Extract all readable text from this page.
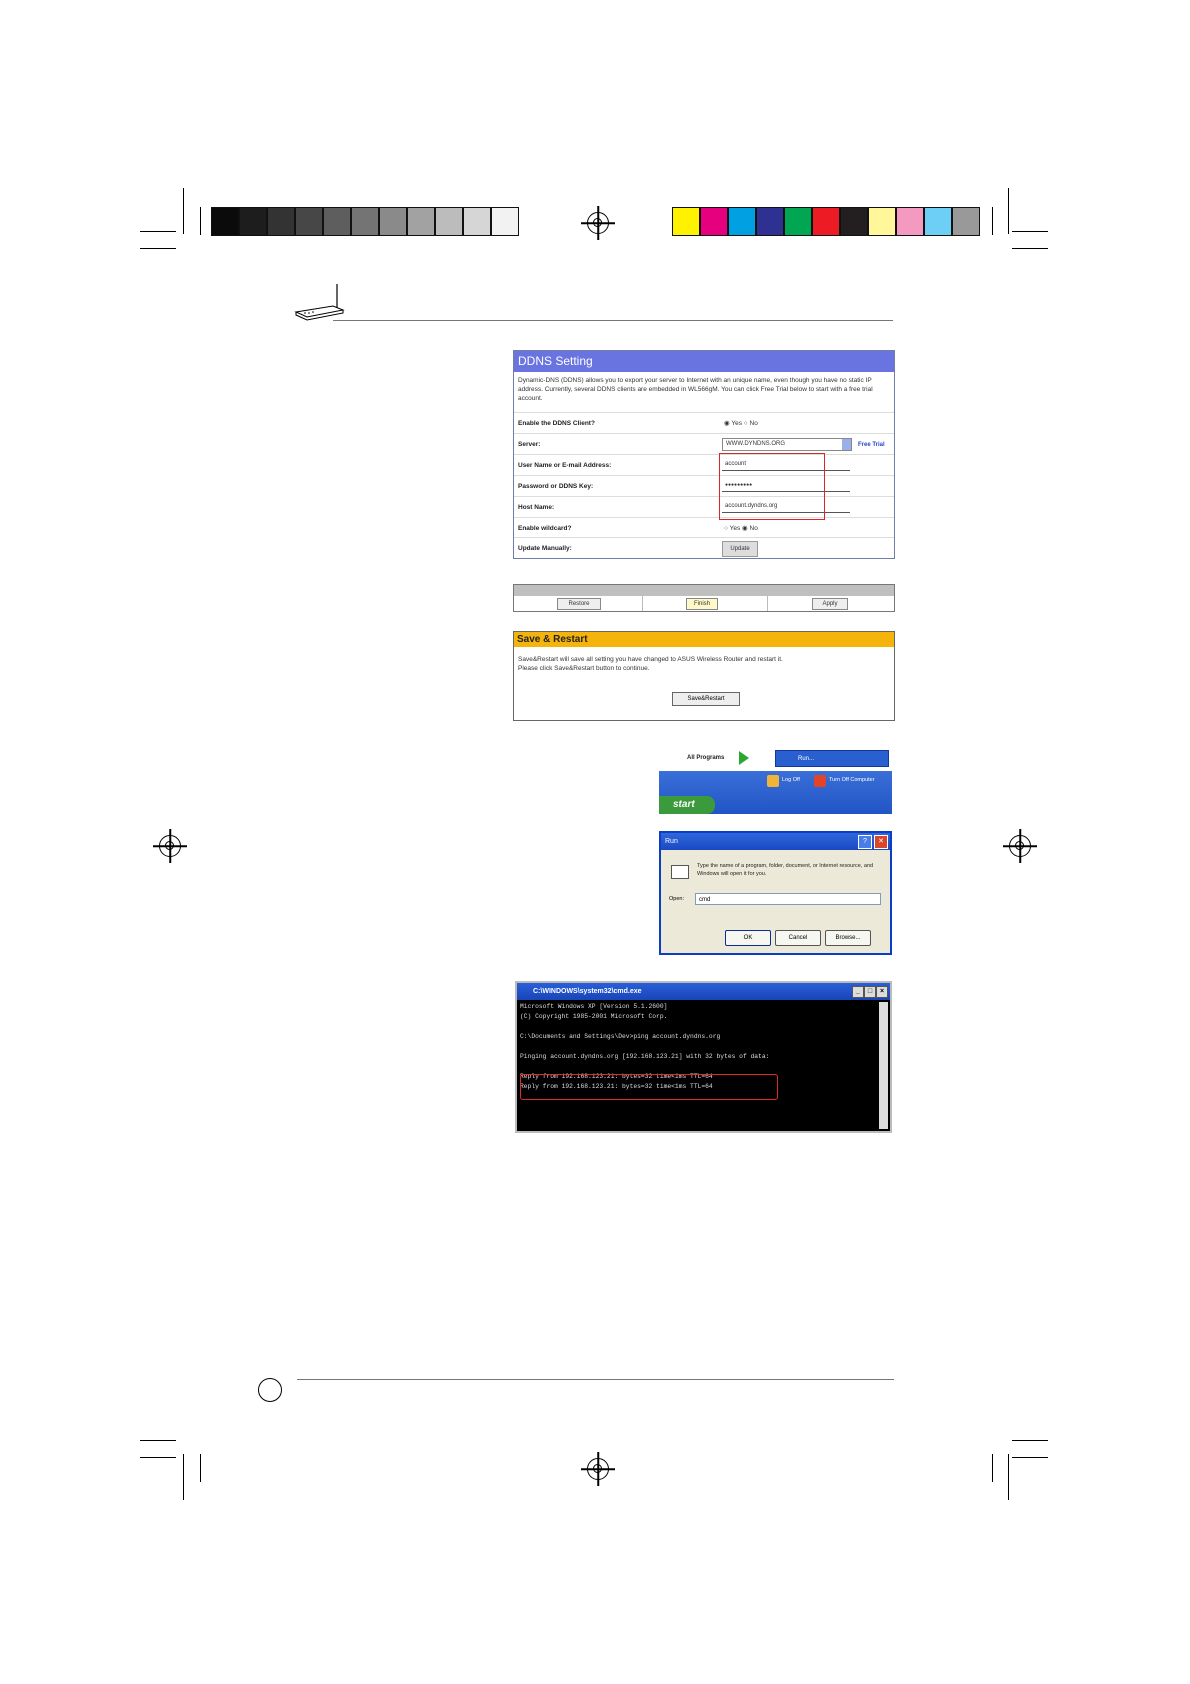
DDNS Setting
Dynamic-DNS (DDNS) allows you to export your server to Internet with an unique name, even though you have no static IP address. Currently, several DDNS clients are embedded in WL566gM. You can click Free Trial below to start with a free trial account.
Enable the DDNS Client?	◉ Yes ○ No
Server:	WWW.DYNDNS.ORG	Free Trial
User Name or E-mail Address:	account
Password or DDNS Key:	●●●●●●●●●
Host Name:	account.dyndns.org
Enable wildcard?	○ Yes ◉ No
Update Manually:	Update
Restore	Finish	Apply
Save & Restart
Save&Restart will save all setting you have changed to ASUS Wireless Router and restart it.
Please click Save&Restart button to continue.
Save&Restart
All Programs	Run...
Log Off	Turn Off Computer
start
Run	?	✕
Type the name of a program, folder, document, or Internet resource, and Windows will open it for you.
Open:	cmd
OK	Cancel	Browse...
C:\WINDOWS\system32\cmd.exe	_	□	×
Microsoft Windows XP [Version 5.1.2600]
(C) Copyright 1985-2001 Microsoft Corp.

C:\Documents and Settings\Dev>ping account.dyndns.org

Pinging account.dyndns.org [192.168.123.21] with 32 bytes of data:

Reply from 192.168.123.21: bytes=32 time<1ms TTL=64
Reply from 192.168.123.21: bytes=32 time<1ms TTL=64
